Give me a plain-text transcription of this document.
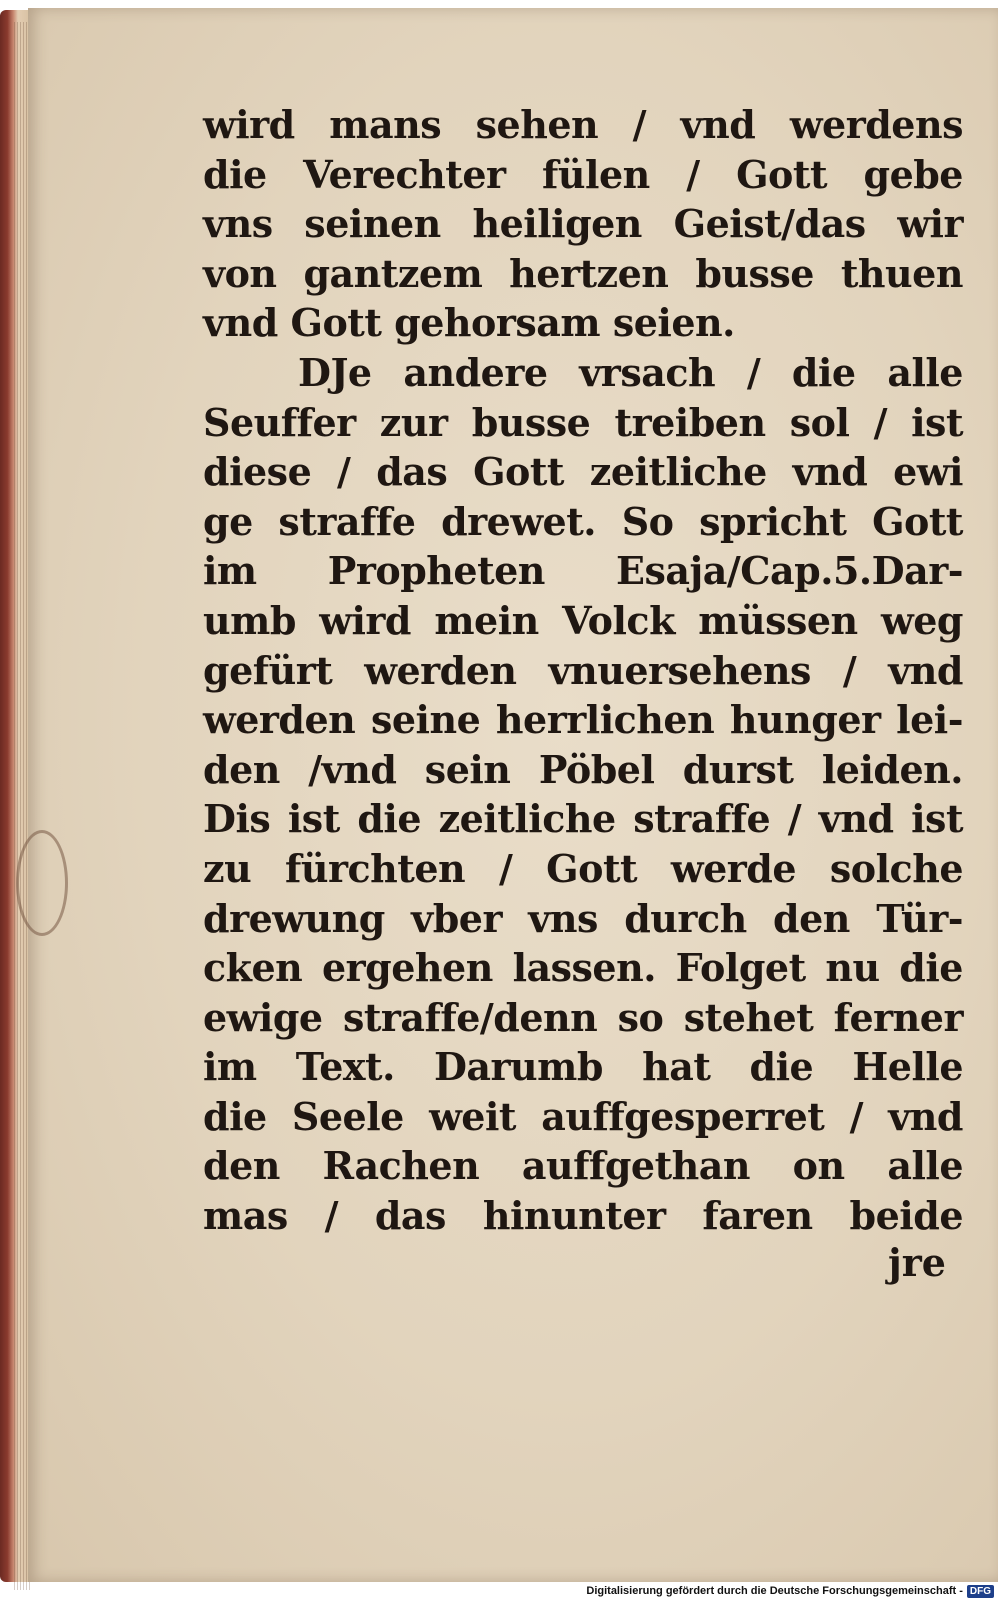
wird mans sehen / vnd werdens
die Verechter fülen / Gott gebe
vns seinen heiligen Geist/das wir
von gantzem hertzen busse thuen
vnd Gott gehorsam seien.
DJe andere vrsach / die alle
Seuffer zur busse treiben sol / ist
diese / das Gott zeitliche vnd ewi
ge straffe drewet. So spricht Gott
im Propheten Esaja/Cap.5.Dar-
umb wird mein Volck müssen weg
gefürt werden vnuersehens / vnd
werden seine herrlichen hunger lei-
den /vnd sein Pöbel durst leiden.
Dis ist die zeitliche straffe / vnd ist
zu fürchten / Gott werde solche
drewung vber vns durch den Tür-
cken ergehen lassen. Folget nu die
ewige straffe/denn so stehet ferner
im Text. Darumb hat die Helle
die Seele weit auffgesperret / vnd
den Rachen auffgethan on alle
mas / das hinunter faren beide
jre
Digitalisierung gefördert durch die Deutsche Forschungsgemeinschaft - DFG
